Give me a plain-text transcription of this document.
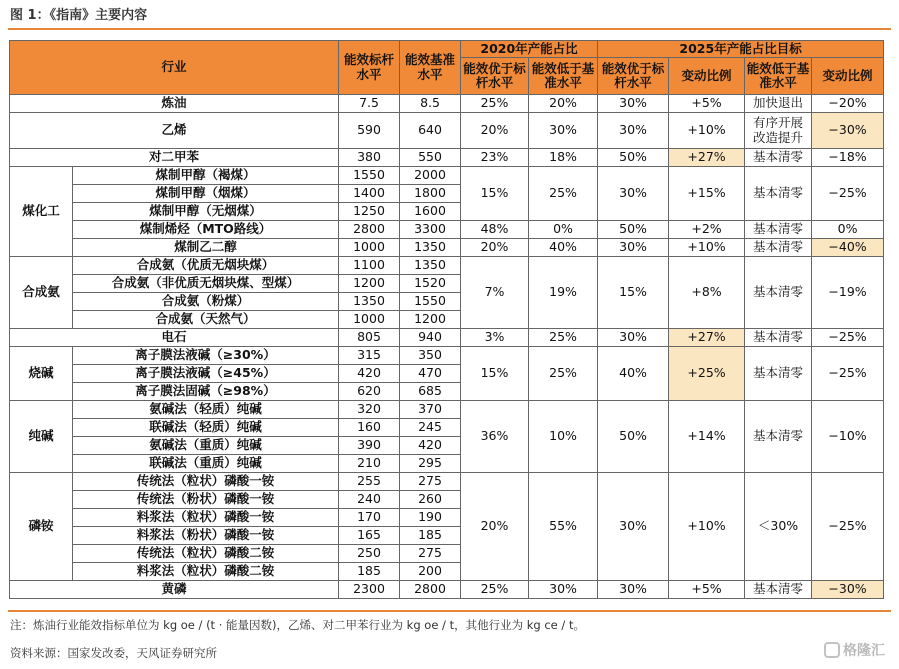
图 1：《指南》主要内容
行业		能效标杆水平	能效基准水平	2020年产能占比		2025年产能占比目标			
				能效优于标杆水平	能效低于基准水平	能效优于标杆水平	变动比例	能效低于基准水平	变动比例
炼油		7.5	8.5	25%	20%	30%	+5%	加快退出	−20%
乙烯		590	640	20%	30%	30%	+10%	有序开展改造提升	−30%
对二甲苯		380	550	23%	18%	50%	+27%	基本清零	−18%
煤化工	煤制甲醇（褐煤）	1550	2000	15%	25%	30%	+15%	基本清零	−25%
	煤制甲醇（烟煤）	1400	1800						
	煤制甲醇（无烟煤）	1250	1600						
	煤制烯烃（MTO路线）	2800	3300	48%	0%	50%	+2%	基本清零	0%
	煤制乙二醇	1000	1350	20%	40%	30%	+10%	基本清零	−40%
合成氨	合成氨（优质无烟块煤）	1100	1350	7%	19%	15%	+8%	基本清零	−19%
	合成氨（非优质无烟块煤、型煤）	1200	1520						
	合成氨（粉煤）	1350	1550						
	合成氨（天然气）	1000	1200						
电石		805	940	3%	25%	30%	+27%	基本清零	−25%
烧碱	离子膜法液碱（≥30%）	315	350	15%	25%	40%	+25%	基本清零	−25%
	离子膜法液碱（≥45%）	420	470						
	离子膜法固碱（≥98%）	620	685						
纯碱	氨碱法（轻质）纯碱	320	370	36%	10%	50%	+14%	基本清零	−10%
	联碱法（轻质）纯碱	160	245						
	氨碱法（重质）纯碱	390	420						
	联碱法（重质）纯碱	210	295						
磷铵	传统法（粒状）磷酸一铵	255	275	20%	55%	30%	+10%	＜30%	−25%
	传统法（粉状）磷酸一铵	240	260						
	料浆法（粒状）磷酸一铵	170	190						
	料浆法（粉状）磷酸一铵	165	185						
	传统法（粒状）磷酸二铵	250	275						
	料浆法（粒状）磷酸二铵	185	200						
黄磷		2300	2800	25%	30%	30%	+5%	基本清零	−30%
注：炼油行业能效指标单位为 kg oe / (t · 能量因数)，乙烯、对二甲苯行业为 kg oe / t，其他行业为 kg ce / t。
资料来源：国家发改委，天风证券研究所	格隆汇
